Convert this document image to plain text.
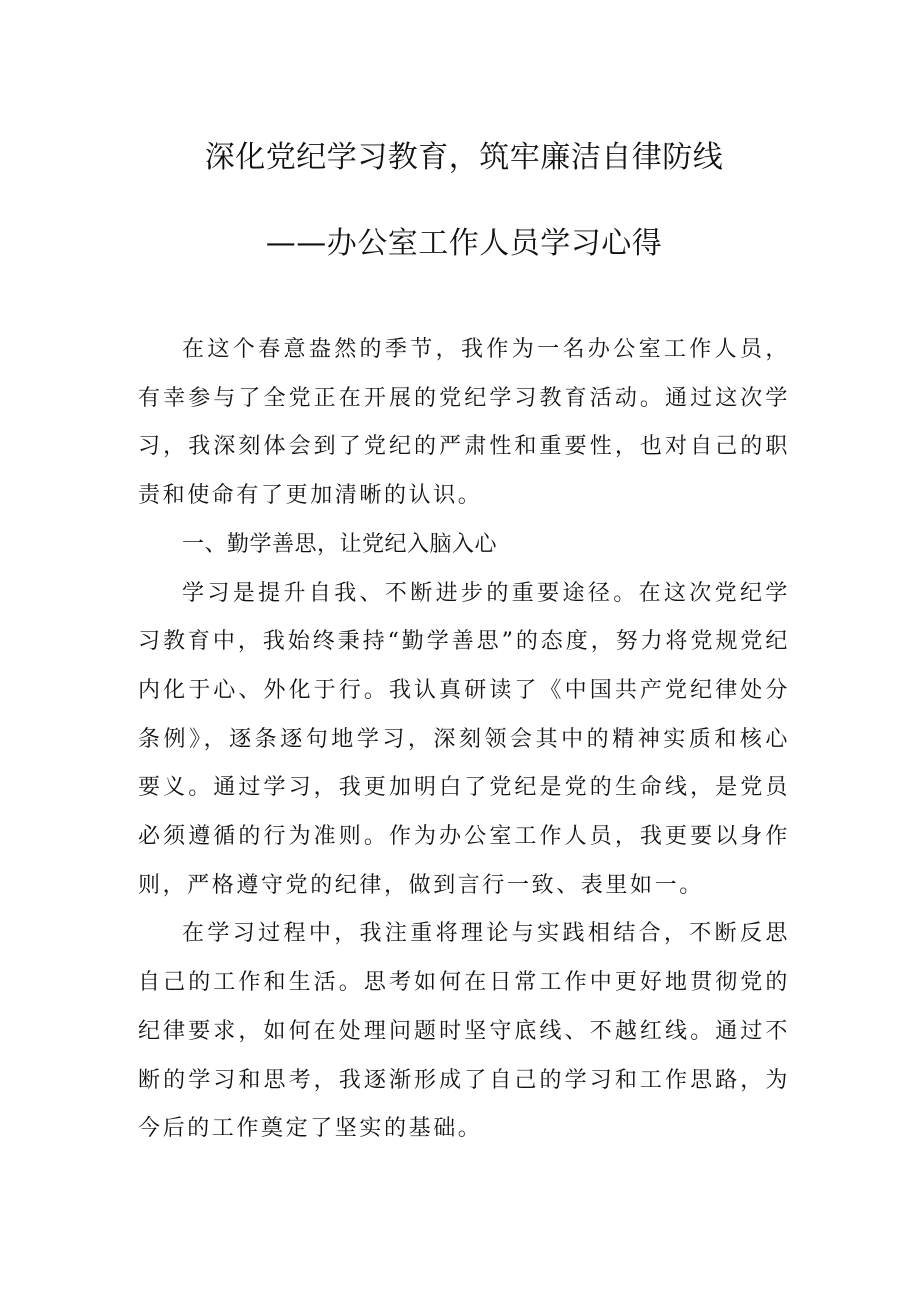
深化党纪学习教育，筑牢廉洁自律防线
——办公室工作人员学习心得

在这个春意盎然的季节，我作为一名办公室工作人员，有幸参与了全党正在开展的党纪学习教育活动。通过这次学习，我深刻体会到了党纪的严肃性和重要性，也对自己的职责和使命有了更加清晰的认识。

一、勤学善思，让党纪入脑入心

学习是提升自我、不断进步的重要途径。在这次党纪学习教育中，我始终秉持“勤学善思”的态度，努力将党规党纪内化于心、外化于行。我认真研读了《中国共产党纪律处分条例》，逐条逐句地学习，深刻领会其中的精神实质和核心要义。通过学习，我更加明白了党纪是党的生命线，是党员必须遵循的行为准则。作为办公室工作人员，我更要以身作则，严格遵守党的纪律，做到言行一致、表里如一。

在学习过程中，我注重将理论与实践相结合，不断反思自己的工作和生活。思考如何在日常工作中更好地贯彻党的纪律要求，如何在处理问题时坚守底线、不越红线。通过不断的学习和思考，我逐渐形成了自己的学习和工作思路，为今后的工作奠定了坚实的基础。
